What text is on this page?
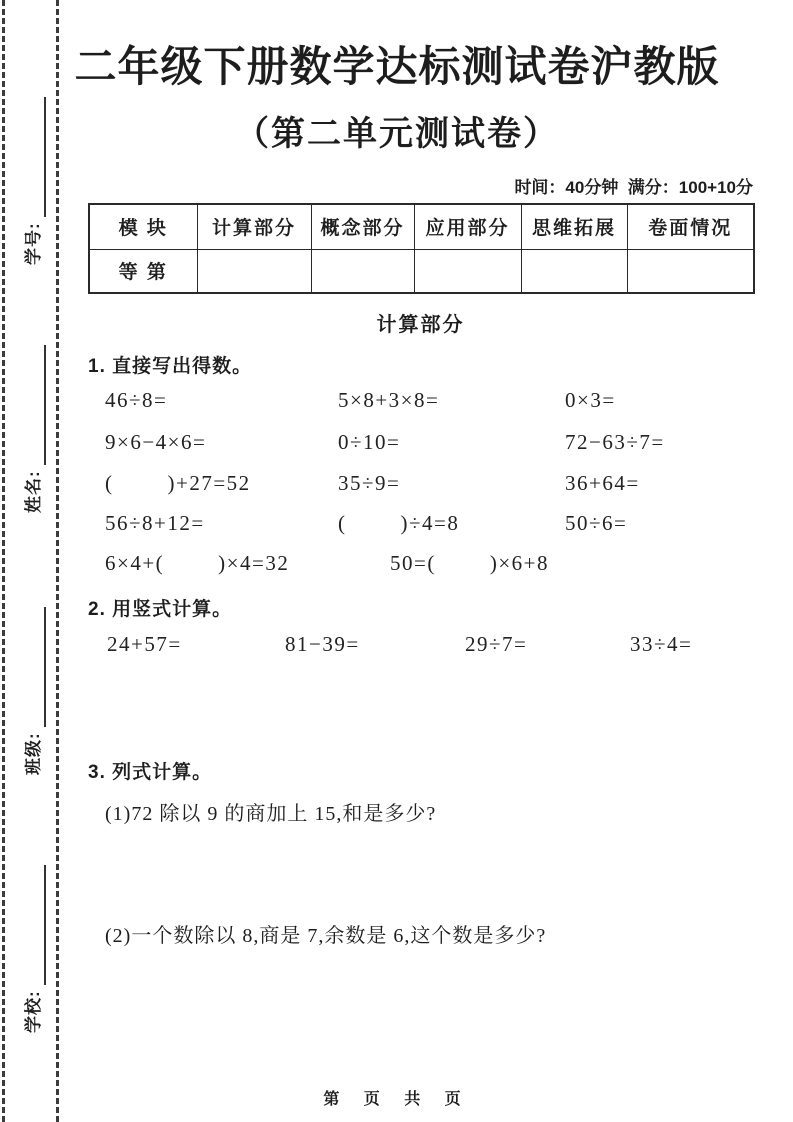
学号:
姓名:
班级:
学校:
二年级下册数学达标测试卷沪教版
（第二单元测试卷）
时间：40分钟  满分：100+10分
模 块	计算部分	概念部分	应用部分	思维拓展	卷面情况
等 第					
计算部分
1. 直接写出得数。
46÷8=	5×8+3×8=	0×3=
9×6−4×6=	0÷10=	72−63÷7=
(        )+27=52	35÷9=	36+64=
56÷8+12=	(        )÷4=8	50÷6=
6×4+(        )×4=32	50=(        )×6+8
2. 用竖式计算。
24+57=	81−39=	29÷7=	33÷4=
3. 列式计算。
(1)72 除以 9 的商加上 15,和是多少?
(2)一个数除以 8,商是 7,余数是 6,这个数是多少?
第 页 共 页
